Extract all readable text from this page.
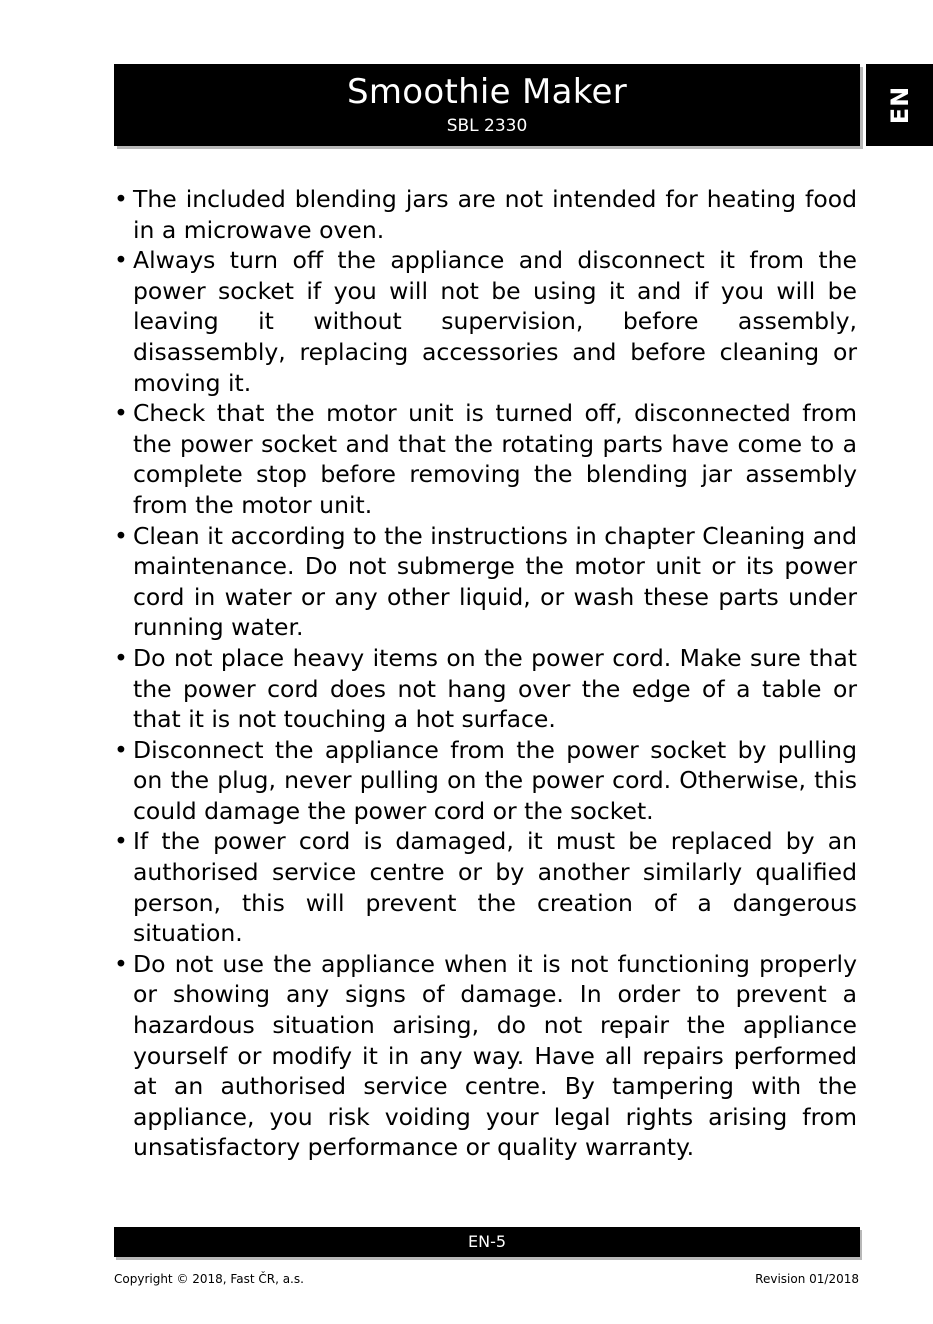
Smoothie Maker
SBL 2330
EN
• The included blending jars are not intended for heating food in a microwave oven.
• Always turn off the appliance and disconnect it from the power socket if you will not be using it and if you will be leaving it without supervision, before assembly, disassembly, replacing accessories and before cleaning or moving it.
• Check that the motor unit is turned off, disconnected from the power socket and that the rotating parts have come to a complete stop before removing the blending jar assembly from the motor unit.
• Clean it according to the instructions in chapter Cleaning and maintenance. Do not submerge the motor unit or its power cord in water or any other liquid, or wash these parts under running water.
• Do not place heavy items on the power cord. Make sure that the power cord does not hang over the edge of a table or that it is not touching a hot surface.
• Disconnect the appliance from the power socket by pulling on the plug, never pulling on the power cord. Otherwise, this could damage the power cord or the socket.
• If the power cord is damaged, it must be replaced by an authorised service centre or by another similarly qualified person, this will prevent the creation of a dangerous situation.
• Do not use the appliance when it is not functioning properly or showing any signs of damage. In order to prevent a hazardous situation arising, do not repair the appliance yourself or modify it in any way. Have all repairs performed at an authorised service centre. By tampering with the appliance, you risk voiding your legal rights arising from unsatisfactory performance or quality warranty.
EN-5
Copyright © 2018, Fast ČR, a.s.	Revision 01/2018
